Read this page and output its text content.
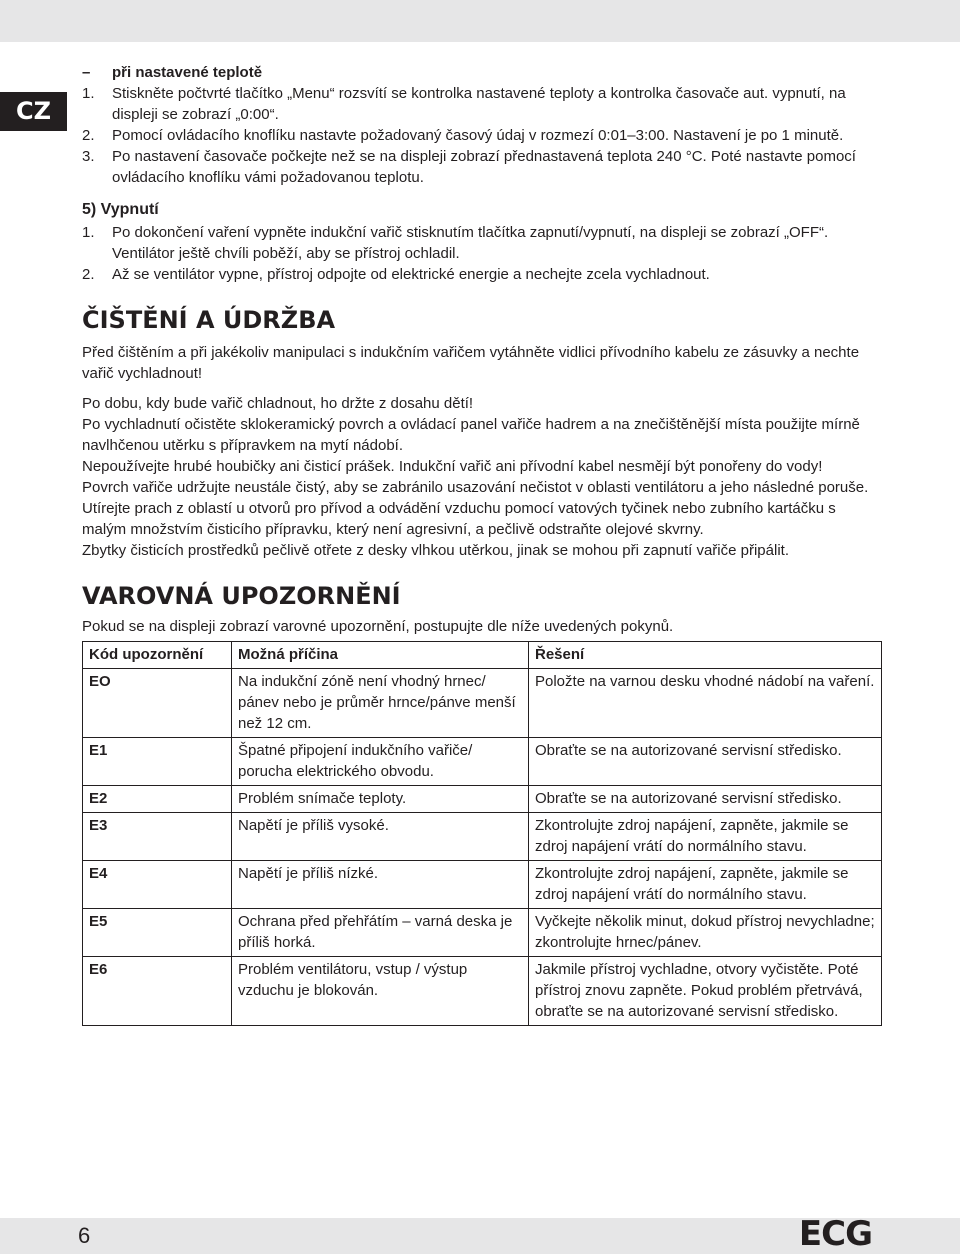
CZ
– při nastavené teplotě
1. Stiskněte počtvrté tlačítko „Menu“ rozsvítí se kontrolka nastavené teploty a kontrolka časovače aut. vypnutí, na displeji se zobrazí „0:00“.
2. Pomocí ovládacího knoflíku nastavte požadovaný časový údaj v rozmezí 0:01–3:00. Nastavení je po 1 minutě.
3. Po nastavení časovače počkejte než se na displeji zobrazí přednastavená teplota 240 °C. Poté nastavte pomocí ovládacího knoflíku vámi požadovanou teplotu.
5) Vypnutí
1. Po dokončení vaření vypněte indukční vařič stisknutím tlačítka zapnutí/vypnutí, na displeji se zobrazí „OFF“. Ventilátor ještě chvíli poběží, aby se přístroj ochladil.
2. Až se ventilátor vypne, přístroj odpojte od elektrické energie a nechejte zcela vychladnout.
ČIŠTĚNÍ A ÚDRŽBA

Před čištěním a při jakékoliv manipulaci s indukčním vařičem vytáhněte vidlici přívodního kabelu ze zásuvky a nechte vařič vychladnout!

Po dobu, kdy bude vařič chladnout, ho držte z dosahu dětí!

Po vychladnutí očistěte sklokeramický povrch a ovládací panel vařiče hadrem a na znečištěnější místa použijte mírně navlhčenou utěrku s přípravkem na mytí nádobí.

Nepoužívejte hrubé houbičky ani čisticí prášek. Indukční vařič ani přívodní kabel nesmějí být ponořeny do vody!

Povrch vařiče udržujte neustále čistý, aby se zabránilo usazování nečistot v oblasti ventilátoru a jeho následné poruše. Utírejte prach z oblastí u otvorů pro přívod a odvádění vzduchu pomocí vatových tyčinek nebo zubního kartáčku s malým množstvím čisticího přípravku, který není agresivní, a pečlivě odstraňte olejové skvrny.

Zbytky čisticích prostředků pečlivě otřete z desky vlhkou utěrkou, jinak se mohou při zapnutí vařiče připálit.

VAROVNÁ UPOZORNĚNÍ

Pokud se na displeji zobrazí varovné upozornění, postupujte dle níže uvedených pokynů.

Kód upozornění	Možná příčina	Řešení
EO	Na indukční zóně není vhodný hrnec/ pánev nebo je průměr hrnce/pánve menší než 12 cm.	Položte na varnou desku vhodné nádobí na vaření.
E1	Špatné připojení indukčního vařiče/ porucha elektrického obvodu.	Obraťte se na autorizované servisní středisko.
E2	Problém snímače teploty.	Obraťte se na autorizované servisní středisko.
E3	Napětí je příliš vysoké.	Zkontrolujte zdroj napájení, zapněte, jakmile se zdroj napájení vrátí do normálního stavu.
E4	Napětí je příliš nízké.	Zkontrolujte zdroj napájení, zapněte, jakmile se zdroj napájení vrátí do normálního stavu.
E5	Ochrana před přehřátím – varná deska je příliš horká.	Vyčkejte několik minut, dokud přístroj nevychladne; zkontrolujte hrnec/pánev.
E6	Problém ventilátoru, vstup / výstup vzduchu je blokován.	Jakmile přístroj vychladne, otvory vyčistěte. Poté přístroj znovu zapněte. Pokud problém přetrvává, obraťte se na autorizované servisní středisko.
6	ECG
